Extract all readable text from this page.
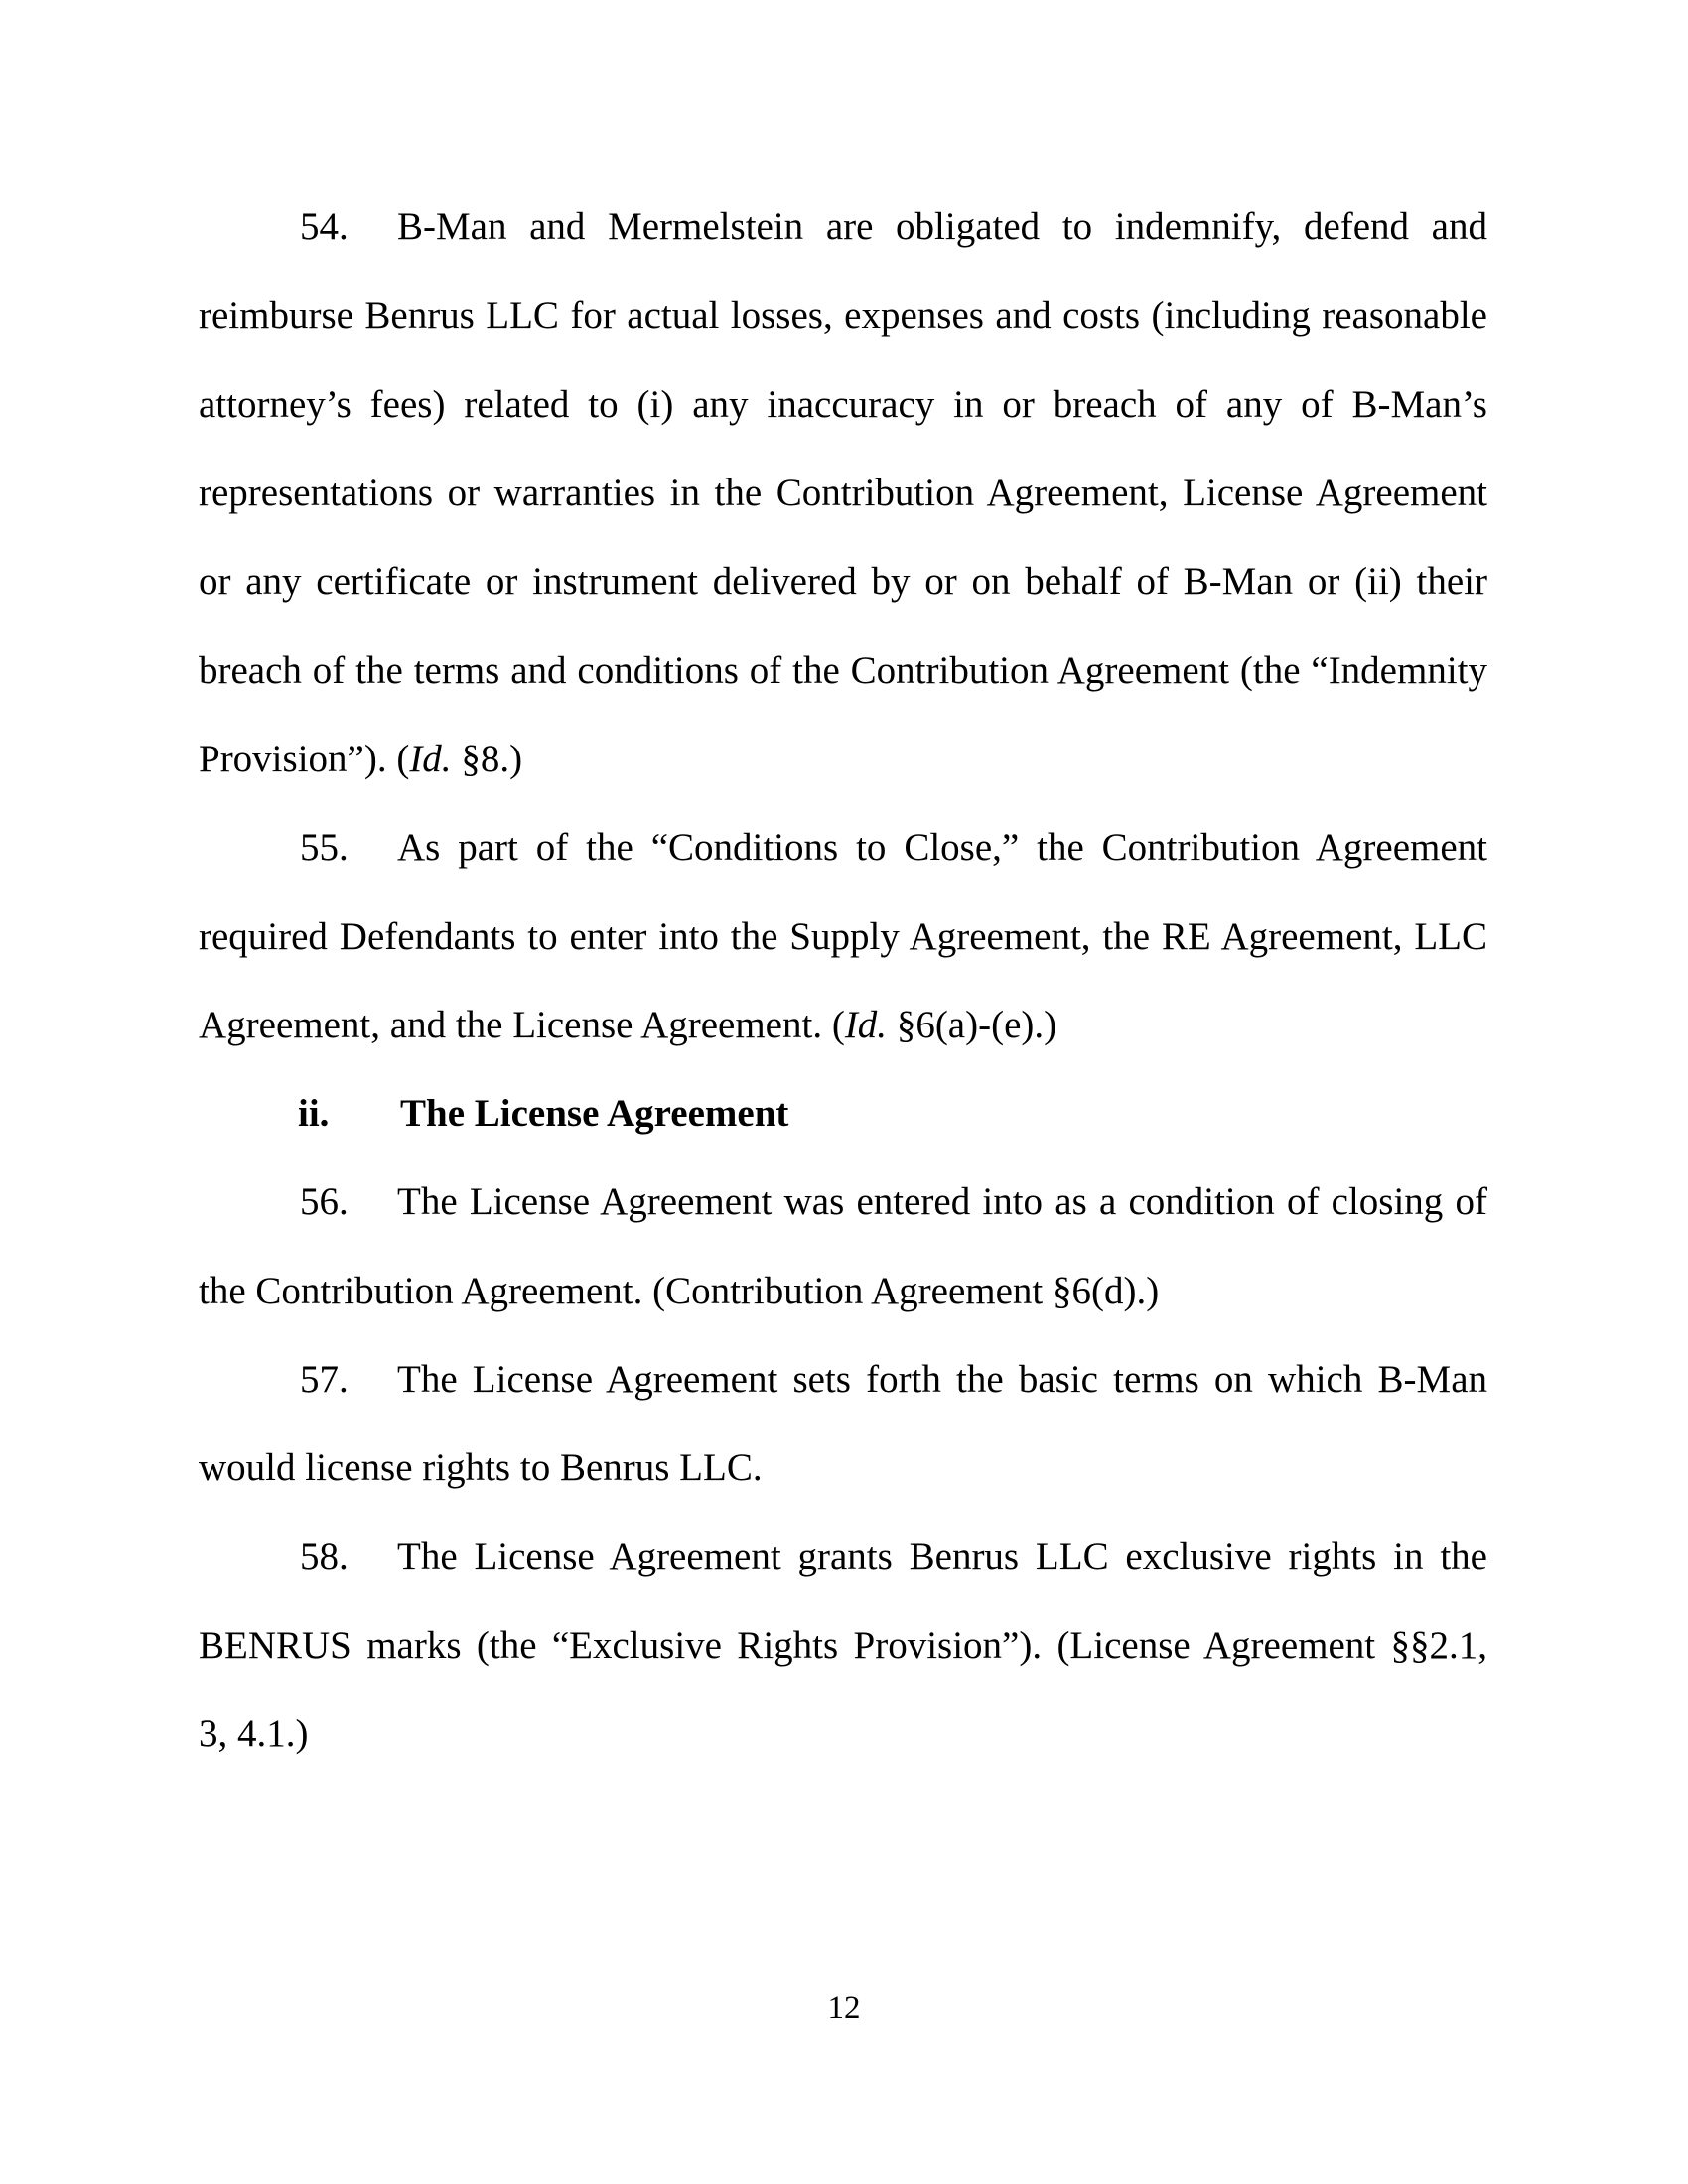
54. B-Man and Mermelstein are obligated to indemnify, defend and
reimburse Benrus LLC for actual losses, expenses and costs (including reasonable
attorney’s fees) related to (i) any inaccuracy in or breach of any of B-Man’s
representations or warranties in the Contribution Agreement, License Agreement
or any certificate or instrument delivered by or on behalf of B-Man or (ii) their
breach of the terms and conditions of the Contribution Agreement (the “Indemnity
Provision”). (Id. §8.)
55. As part of the “Conditions to Close,” the Contribution Agreement
required Defendants to enter into the Supply Agreement, the RE Agreement, LLC
Agreement, and the License Agreement. (Id. §6(a)-(e).)
ii. The License Agreement
56. The License Agreement was entered into as a condition of closing of
the Contribution Agreement. (Contribution Agreement §6(d).)
57. The License Agreement sets forth the basic terms on which B-Man
would license rights to Benrus LLC.
58. The License Agreement grants Benrus LLC exclusive rights in the
BENRUS marks (the “Exclusive Rights Provision”). (License Agreement §§2.1,
3, 4.1.)
12
